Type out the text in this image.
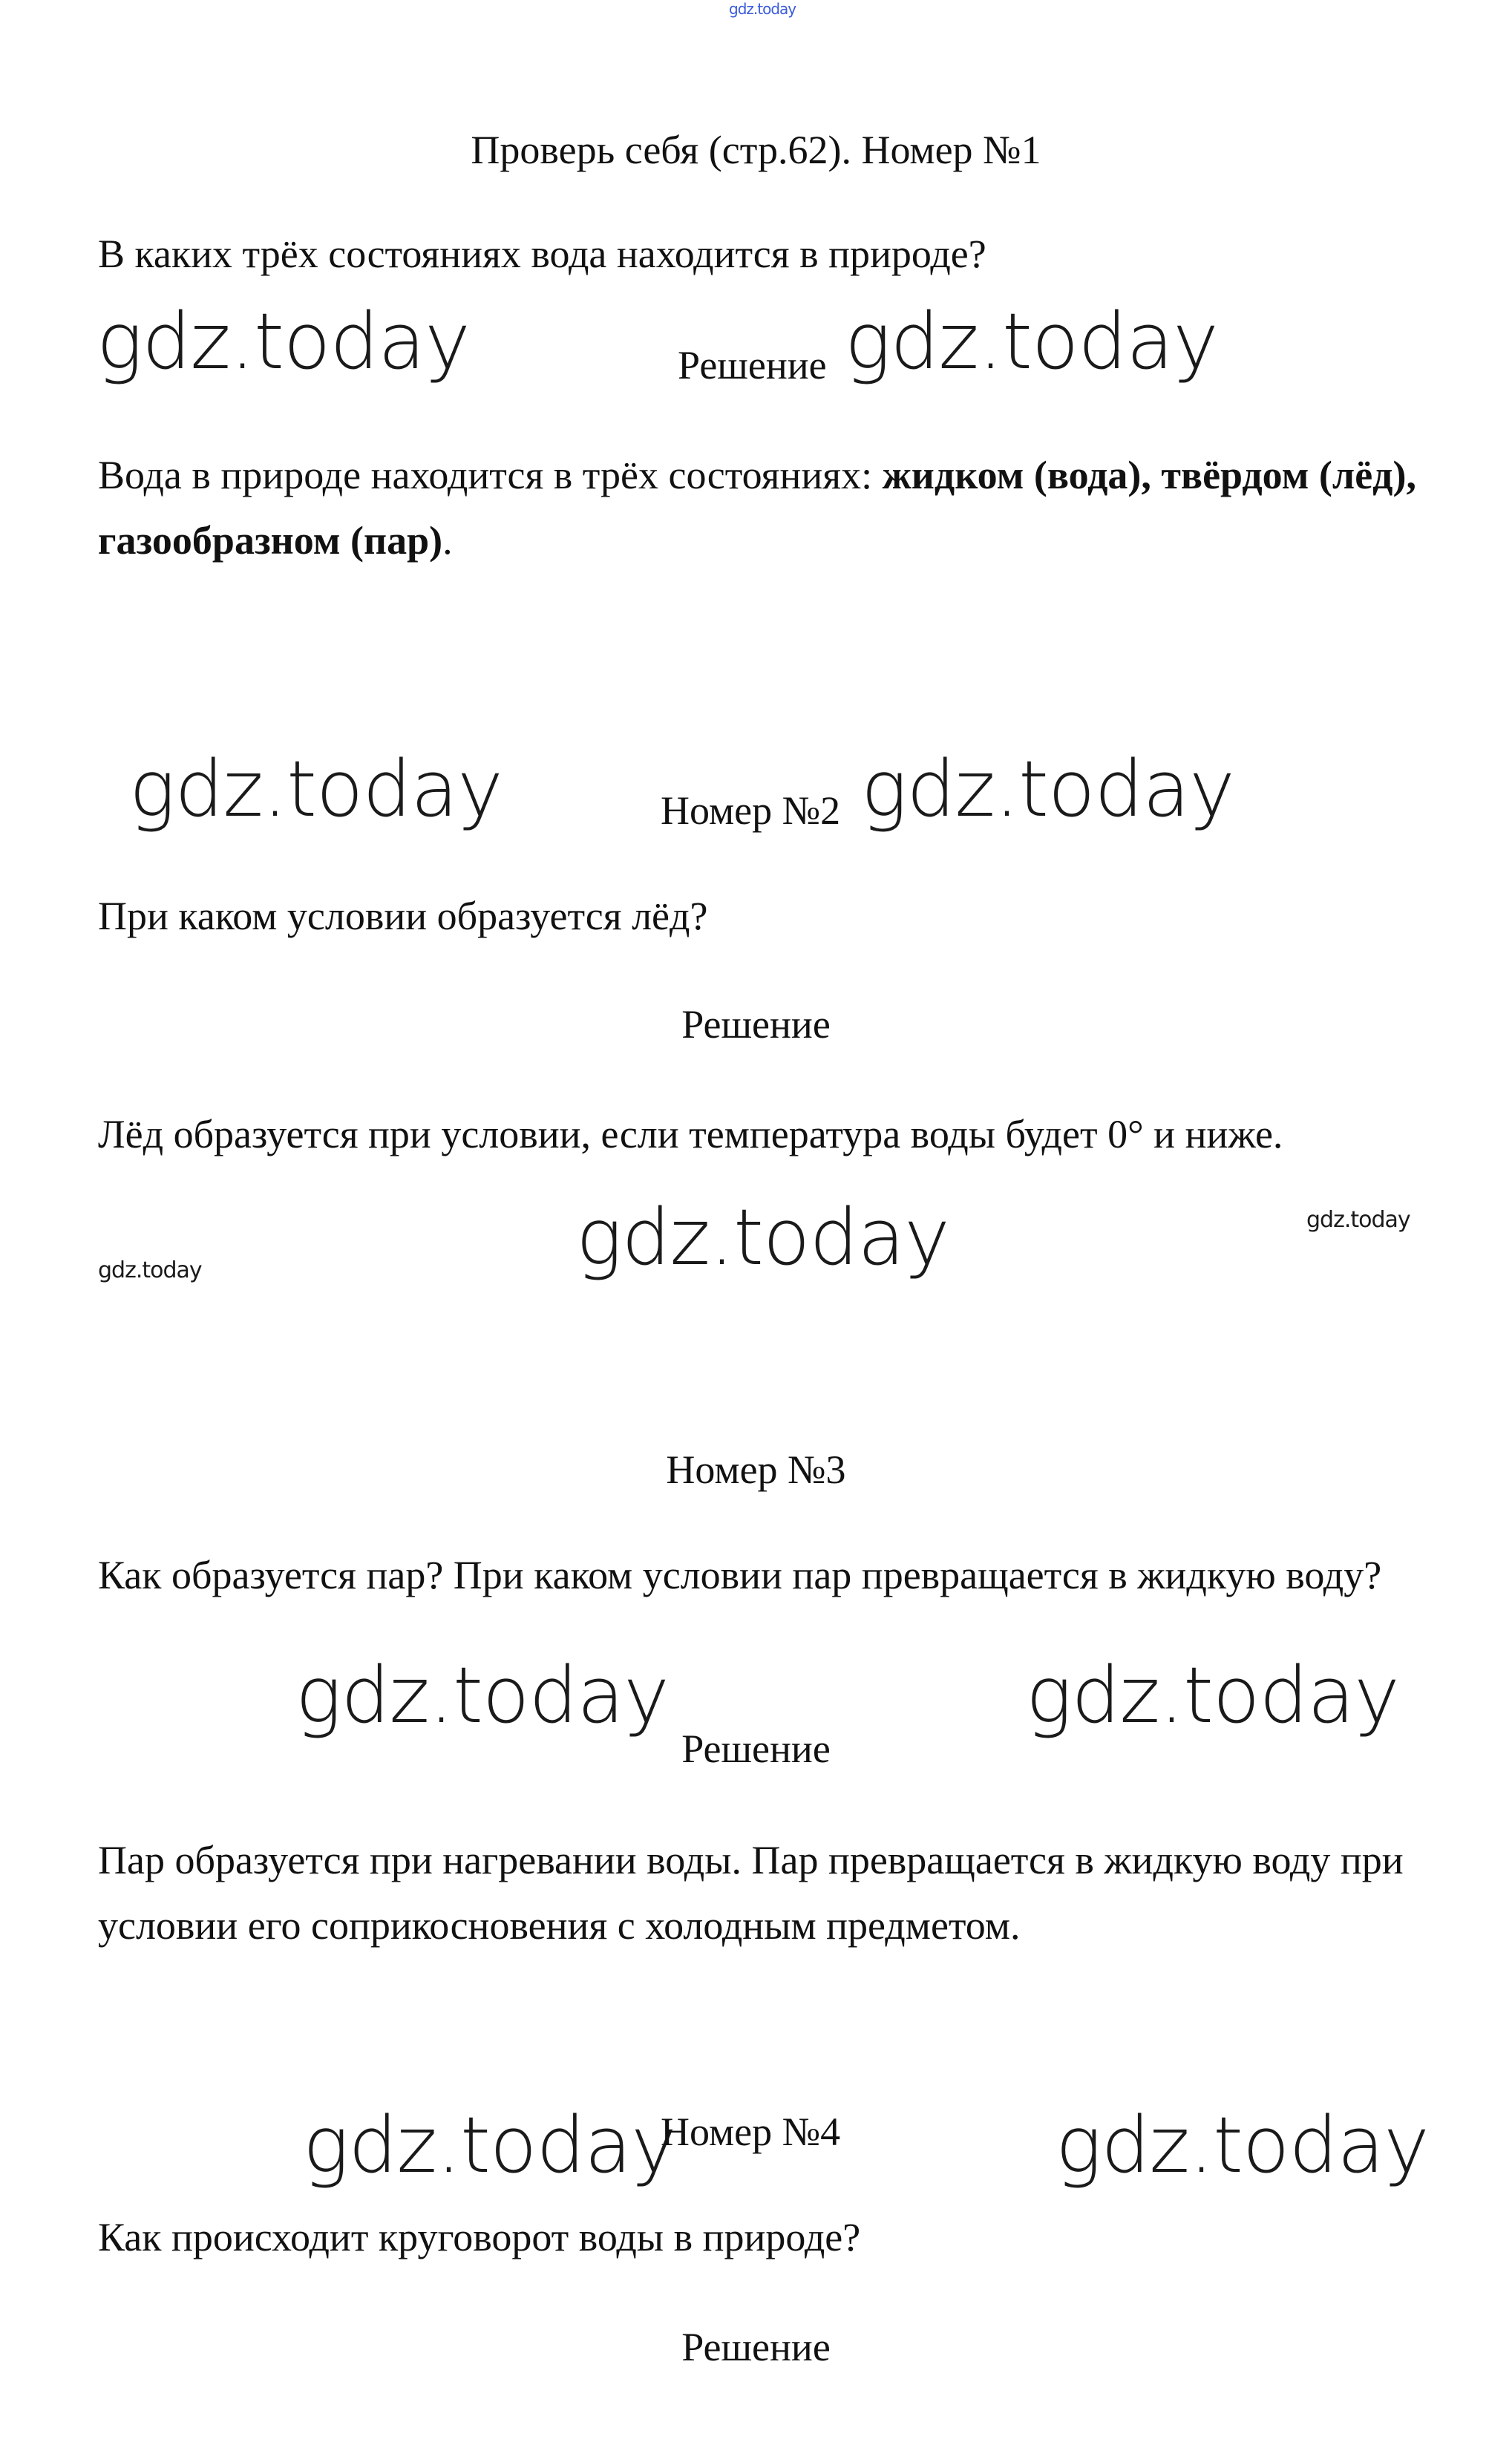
gdz.today
Проверь себя (стр.62). Номер №1

В каких трёх состояниях вода находится в природе?

gdz.today	Решение gdz.today

Вода в природе находится в трёх состояниях: жидком (вода), твёрдом (лёд), газообразном (пар).

gdz.today	Номер №2 gdz.today

При каком условии образуется лёд?

Решение

Лёд образуется при условии, если температура воды будет 0° и ниже.

gdz.today	gdz.today
gdz.today
Номер №3

Как образуется пар? При каком условии пар превращается в жидкую воду?

gdz.today

Решение

gdz.today

Пар образуется при нагревании воды. Пар превращается в жидкую воду при условии его соприкосновения с холодным предметом.

gdz.today
Номер №4	gdz.today

Как происходит круговорот воды в природе?

Решение
